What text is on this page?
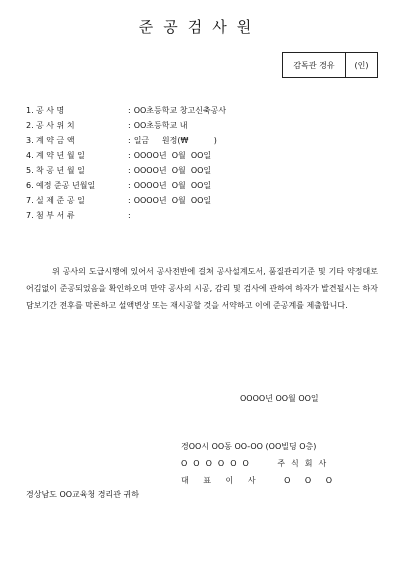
준공검사원
감독관 경유	(인)
1. 공 사 명	: OO초등학교 창고신축공사
2. 공 사 위 치	: OO초등학교 내
3. 계 약 금 액	: 일금     원정(₩          )
4. 계 약 년 월 일	: OOOO년  O월  OO일
5. 착 공 년 월 일	: OOOO년  O월  OO일
6. 예정 준공 년월일	: OOOO년  O월  OO일
7. 실 제 준 공 일	: OOOO년  O월  OO일
7. 첨 부 서 류	:
위 공사의 도급시행에 있어서 공사전반에 걸쳐 공사설계도서, 품질관리기준 및 기타 약정대로 어김없이 준공되었음을 확인하오며 만약 공사의 시공, 감리 및 검사에 관하여 하자가 발견될시는 하자담보기간 전후를 막론하고 설액변상 또는 재시공할 것을 서약하고 이에 준공계를 제출합니다.
OOOO년 OO월 OO일
경OO시 OO동 OO-OO (OO빌딩 O층)
OOOOOO	주식회사
대 표 이 사	O O O
경상남도 OO교육청 경리관 귀하
